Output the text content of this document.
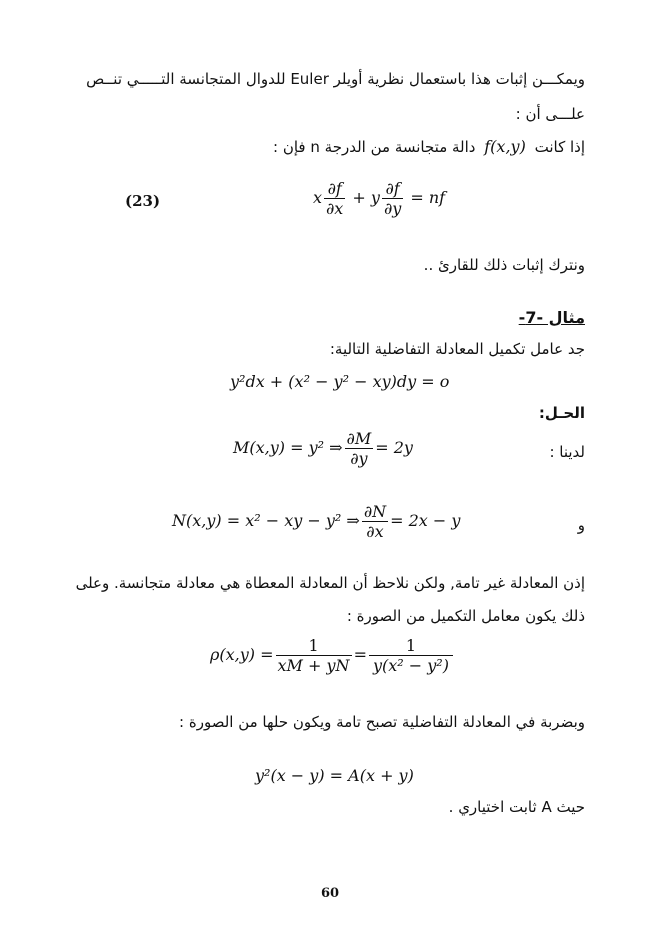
ويمكـــن إثبات هذا باستعمال نظرية أويلر Euler للدوال المتجانسة التـــــي تنــص
علـــى أن :
إذا كانت f(x,y) دالة متجانسة من الدرجة n فإن :
(23)	x $\frac{\partial f}{\partial x} + y \frac{\partial f}{\partial y}$ = nf
ونترك إثبات ذلك للقارئ ..
مثال -7-
جد عامل تكميل المعادلة التفاضلية التالية:
y²dx + (x² − y² − xy)dy = o
الحـل:
لدينا :
M(x,y) = y² ⇒ $\frac{\partial M}{\partial y} = 2y$
و
N(x,y) = x² − xy − y² ⇒ $\frac{\partial N}{\partial x} = 2x - y$
إذن المعادلة غير تامة, ولكن نلاحظ أن المعادلة المعطاة هي معادلة متجانسة. وعلى
ذلك يكون معامل التكميل من الصورة :
$\rho(x,y) = \frac{1}{xM + yN} = \frac{1}{\text{y(x² − y²)}}$
وبضربة في المعادلة التفاضلية تصبح تامة ويكون حلها من الصورة :
y²(x − y) = A(x + y)
حيث A ثابت اختياري .
60
